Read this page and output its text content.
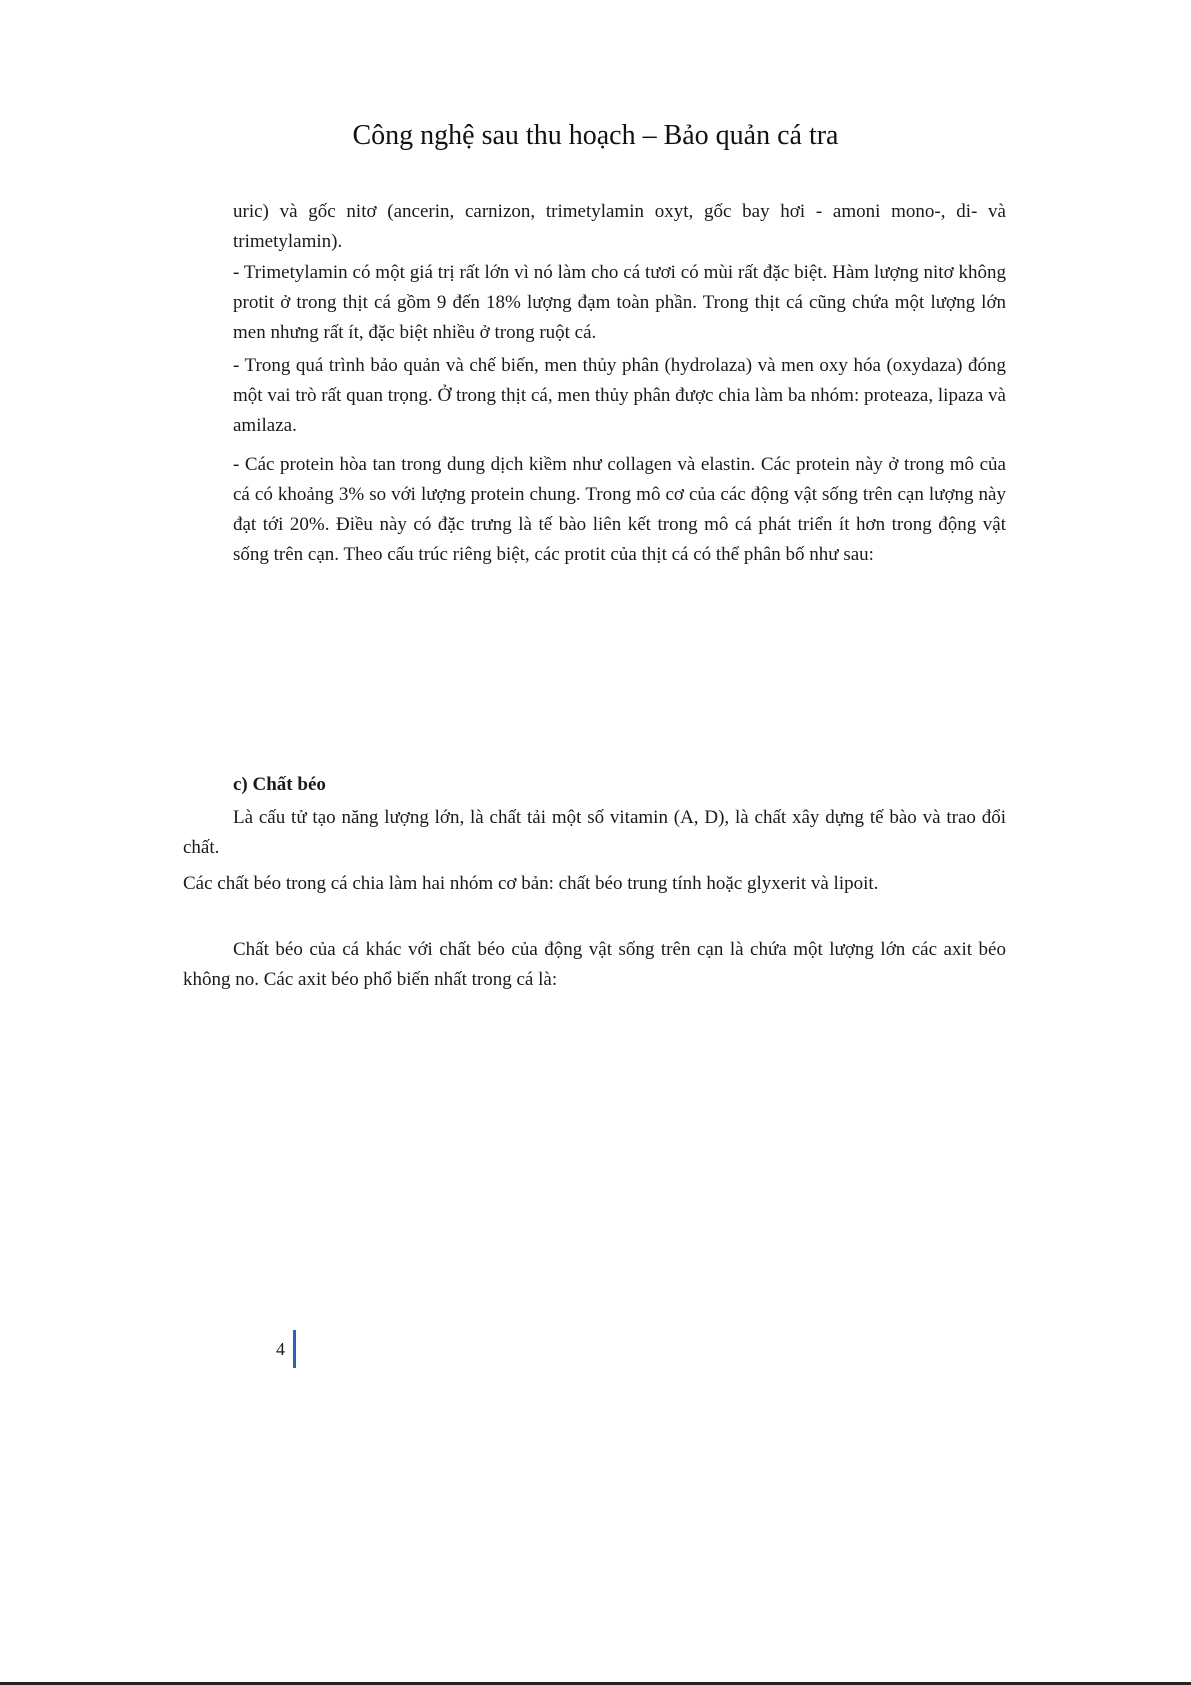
Công nghệ sau thu hoạch – Bảo quản cá tra

uric) và gốc nitơ (ancerin, carnizon, trimetylamin oxyt, gốc bay hơi - amoni mono-, di- và trimetylamin).

- Trimetylamin có một giá trị rất lớn vì nó làm cho cá tươi có mùi rất đặc biệt. Hàm lượng nitơ không protit ở trong thịt cá gồm 9 đến 18% lượng đạm toàn phần. Trong thịt cá cũng chứa một lượng lớn men nhưng rất ít, đặc biệt nhiều ở trong ruột cá.

- Trong quá trình bảo quản và chế biến, men thủy phân (hydrolaza) và men oxy hóa (oxydaza) đóng một vai trò rất quan trọng. Ở trong thịt cá, men thủy phân được chia làm ba nhóm: proteaza, lipaza và amilaza.

- Các protein hòa tan trong dung dịch kiềm như collagen và elastin. Các protein này ở trong mô của cá có khoảng 3% so với lượng protein chung. Trong mô cơ của các động vật sống trên cạn lượng này đạt tới 20%. Điều này có đặc trưng là tế bào liên kết trong mô cá phát triển ít hơn trong động vật sống trên cạn. Theo cấu trúc riêng biệt, các protit của thịt cá có thể phân bố như sau:

c) Chất béo

Là cấu tử tạo năng lượng lớn, là chất tải một số vitamin (A, D), là chất xây dựng tế bào và trao đổi chất.

Các chất béo trong cá chia làm hai nhóm cơ bản: chất béo trung tính hoặc glyxerit và lipoit.

Chất béo của cá khác với chất béo của động vật sống trên cạn là chứa một lượng lớn các axit béo không no. Các axit béo phổ biến nhất trong cá là:

4
